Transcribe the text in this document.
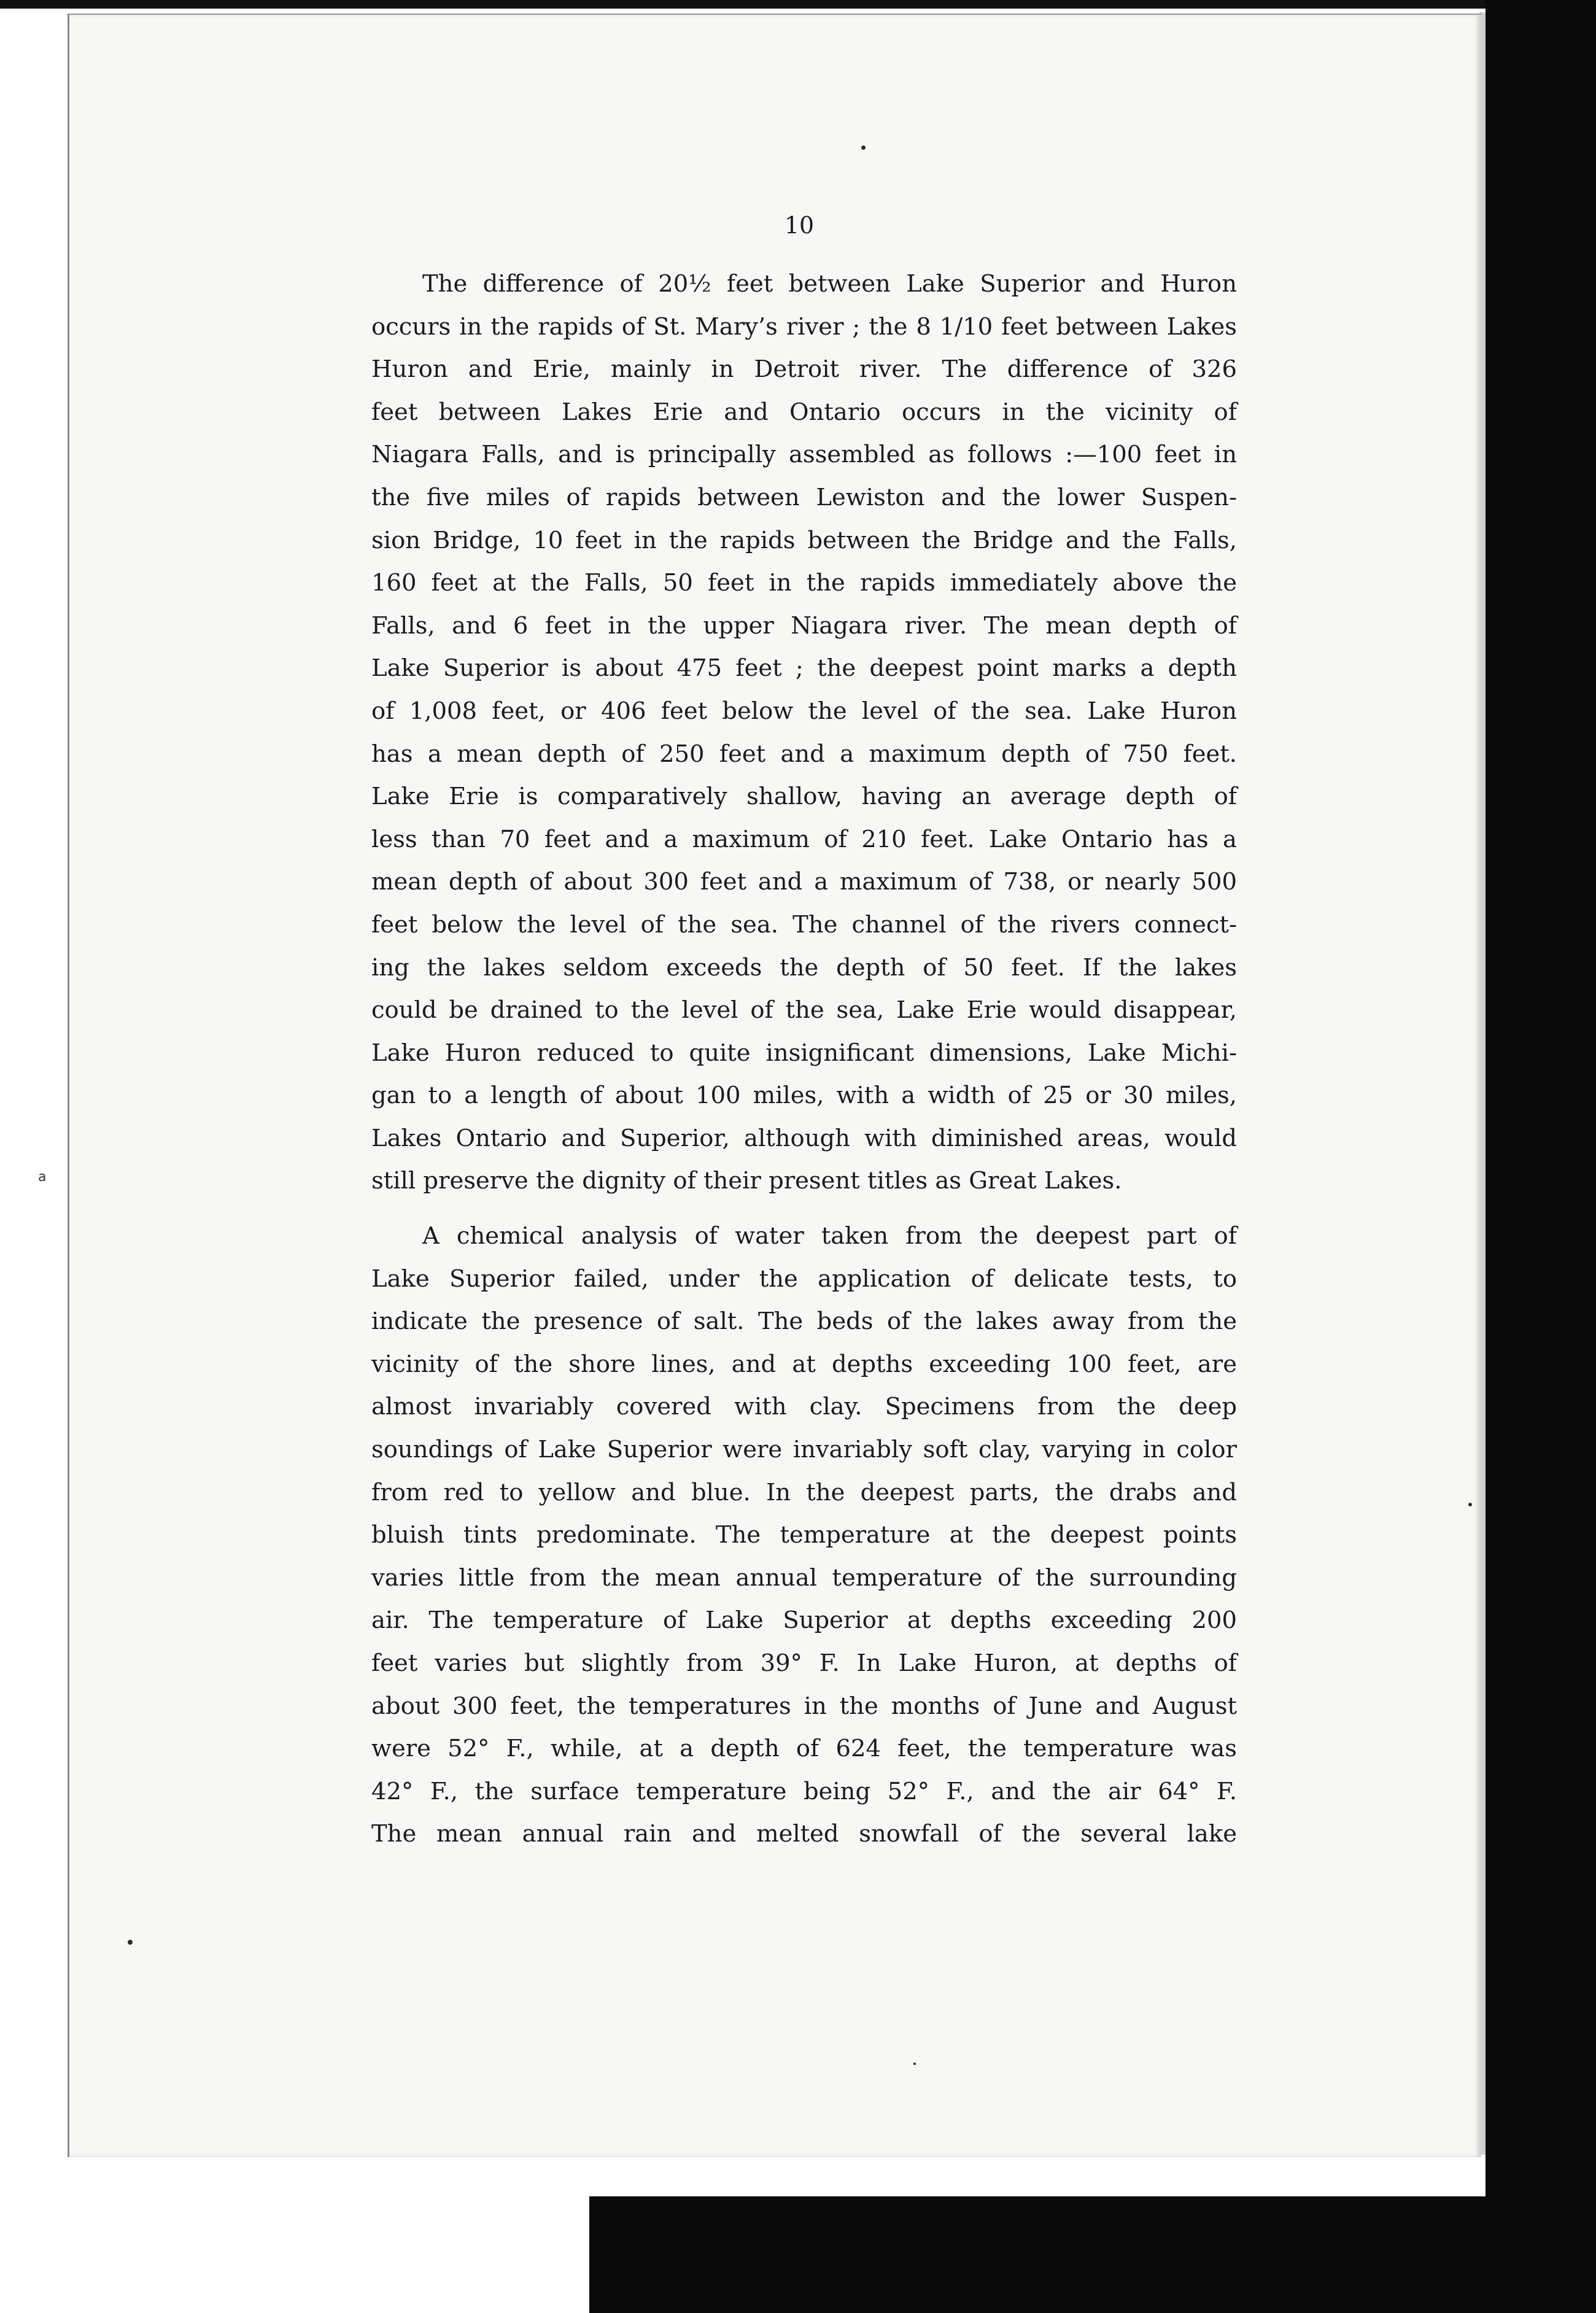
a
10
The difference of 20½ feet between Lake Superior and Huron
occurs in the rapids of St. Mary’s river ; the 8 1/10 feet between Lakes
Huron and Erie, mainly in Detroit river. The difference of 326
feet between Lakes Erie and Ontario occurs in the vicinity of
Niagara Falls, and is principally assembled as follows :—100 feet in
the five miles of rapids between Lewiston and the lower Suspen-
sion Bridge, 10 feet in the rapids between the Bridge and the Falls,
160 feet at the Falls, 50 feet in the rapids immediately above the
Falls, and 6 feet in the upper Niagara river. The mean depth of
Lake Superior is about 475 feet ; the deepest point marks a depth
of 1,008 feet, or 406 feet below the level of the sea. Lake Huron
has a mean depth of 250 feet and a maximum depth of 750 feet.
Lake Erie is comparatively shallow, having an average depth of
less than 70 feet and a maximum of 210 feet. Lake Ontario has a
mean depth of about 300 feet and a maximum of 738, or nearly 500
feet below the level of the sea. The channel of the rivers connect-
ing the lakes seldom exceeds the depth of 50 feet. If the lakes
could be drained to the level of the sea, Lake Erie would disappear,
Lake Huron reduced to quite insignificant dimensions, Lake Michi-
gan to a length of about 100 miles, with a width of 25 or 30 miles,
Lakes Ontario and Superior, although with diminished areas, would
still preserve the dignity of their present titles as Great Lakes.
A chemical analysis of water taken from the deepest part of
Lake Superior failed, under the application of delicate tests, to
indicate the presence of salt. The beds of the lakes away from the
vicinity of the shore lines, and at depths exceeding 100 feet, are
almost invariably covered with clay. Specimens from the deep
soundings of Lake Superior were invariably soft clay, varying in color
from red to yellow and blue. In the deepest parts, the drabs and
bluish tints predominate. The temperature at the deepest points
varies little from the mean annual temperature of the surrounding
air. The temperature of Lake Superior at depths exceeding 200
feet varies but slightly from 39° F. In Lake Huron, at depths of
about 300 feet, the temperatures in the months of June and August
were 52° F., while, at a depth of 624 feet, the temperature was
42° F., the surface temperature being 52° F., and the air 64° F.
The mean annual rain and melted snowfall of the several lake
